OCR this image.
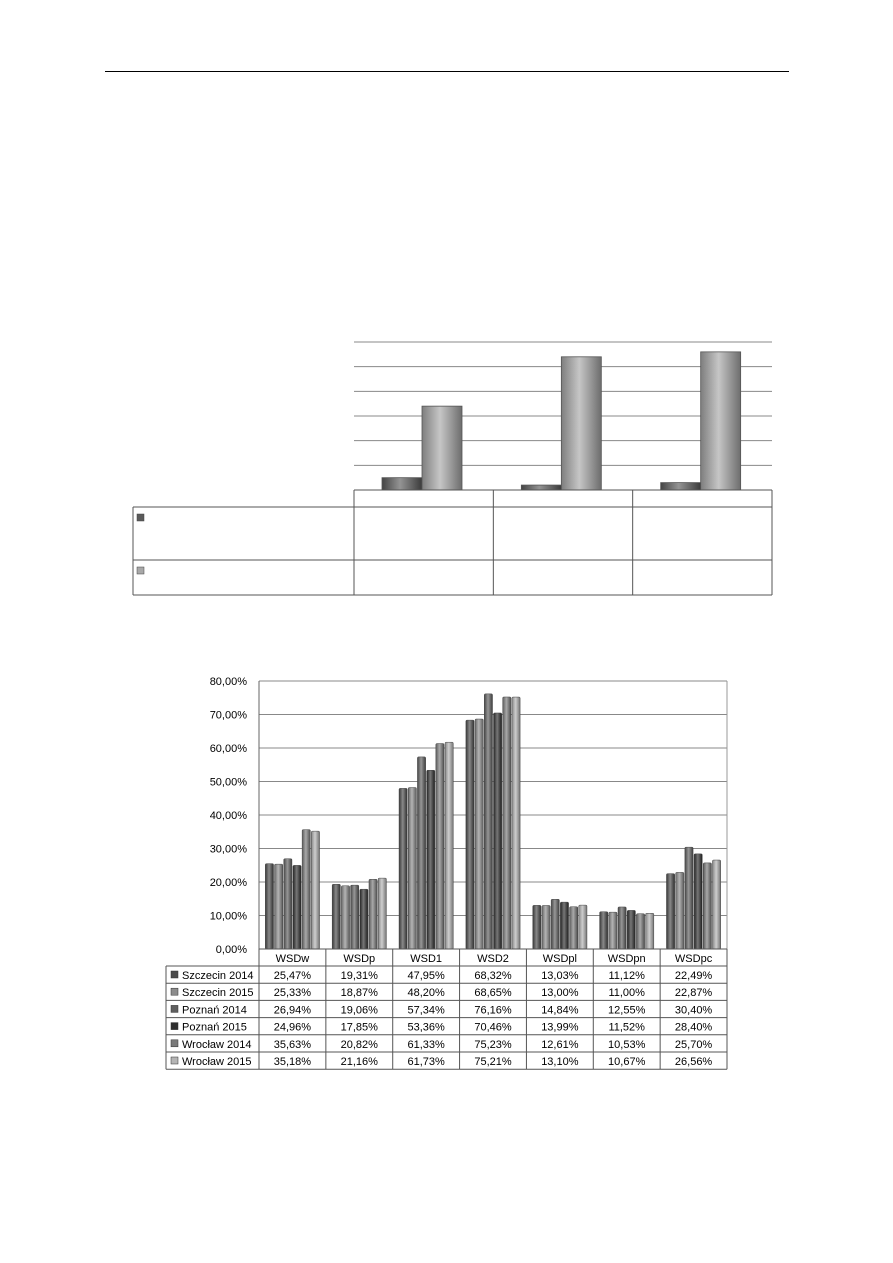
0,00%
10,00%
20,00%
30,00%
40,00%
50,00%
60,00%
70,00%
80,00%
WSDw	WSDp	WSD1	WSD2	WSDpl	WSDpn	WSDpc
Szczecin 2014 25,47%	19,31%	47,95%	68,32%	13,03%	11,12%	22,49%
Szczecin 2015 25,33%	18,87%	48,20%	68,65%	13,00%	11,00%	22,87%
Poznań 2014 26,94%	19,06%	57,34%	76,16%	14,84%	12,55%	30,40%
Poznań 2015 24,96%	17,85%	53,36%	70,46%	13,99%	11,52%	28,40%
Wrocław 2014 35,63%	20,82%	61,33%	75,23%	12,61%	10,53%	25,70%
Wrocław 2015 35,18%	21,16%	61,73%	75,21%	13,10%	10,67%	26,56%
